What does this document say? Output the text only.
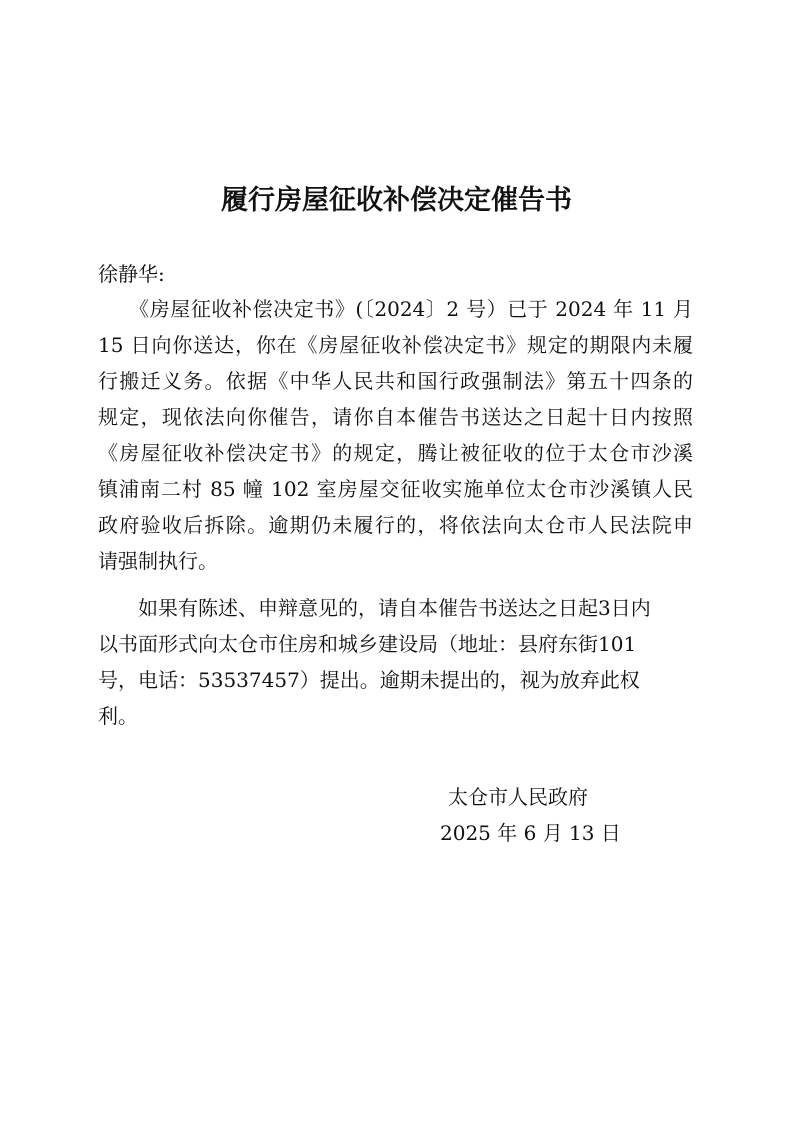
履行房屋征收补偿决定催告书
徐静华:
　　《房屋征收补偿决定书》(〔2024〕2 号）已于 2024 年 11 月
15 日向你送达，你在《房屋征收补偿决定书》规定的期限内未履
行搬迁义务。依据《中华人民共和国行政强制法》第五十四条的
规定，现依法向你催告，请你自本催告书送达之日起十日内按照
《房屋征收补偿决定书》的规定，腾让被征收的位于太仓市沙溪
镇浦南二村 85 幢 102 室房屋交征收实施单位太仓市沙溪镇人民
政府验收后拆除。逾期仍未履行的，将依法向太仓市人民法院申
请强制执行。
　　如果有陈述、申辩意见的，请自本催告书送达之日起3日内
以书面形式向太仓市住房和城乡建设局（地址：县府东街101
号，电话：53537457）提出。逾期未提出的，视为放弃此权
利。
太仓市人民政府
2025 年 6 月 13 日
